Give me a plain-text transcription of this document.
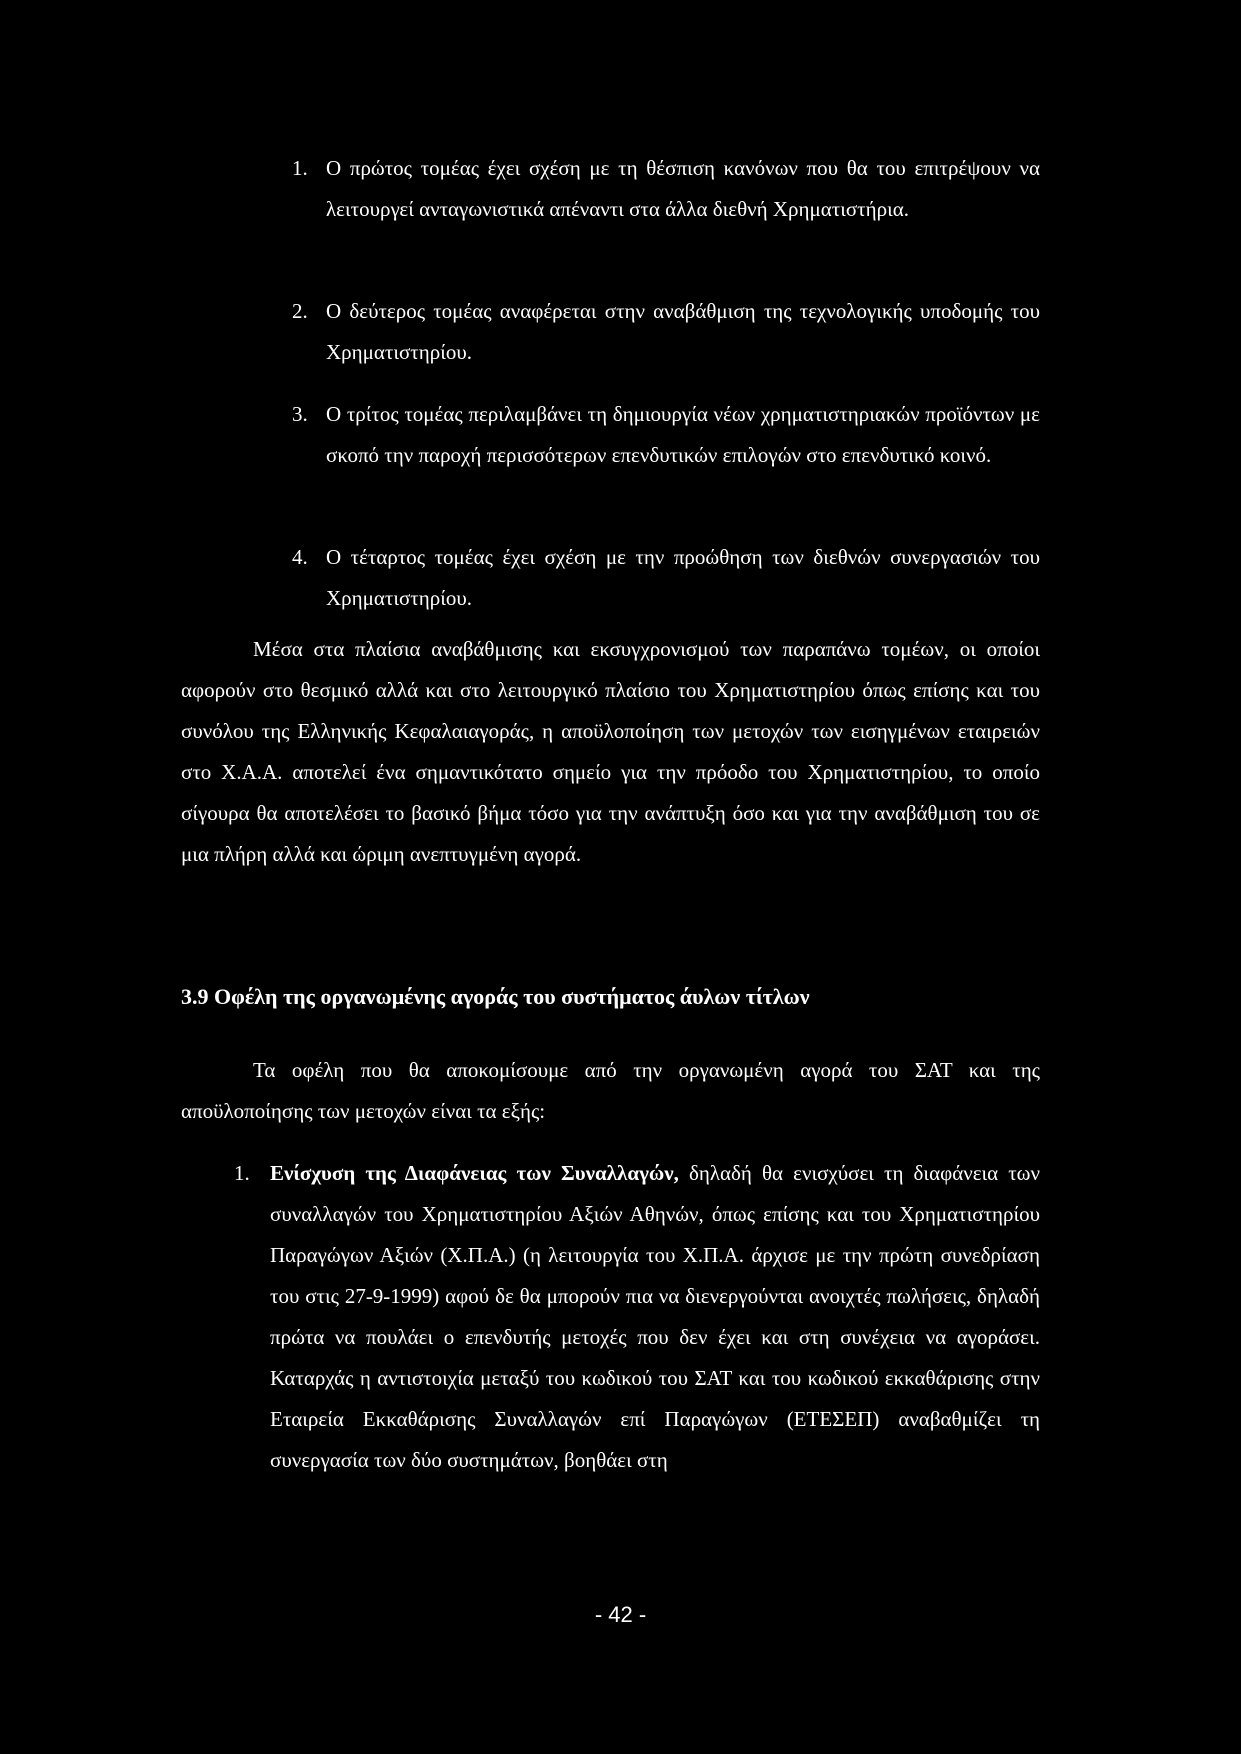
1. Ο πρώτος τομέας έχει σχέση με τη θέσπιση κανόνων που θα του επιτρέψουν να λειτουργεί ανταγωνιστικά απέναντι στα άλλα διεθνή Χρηματιστήρια.
2. Ο δεύτερος τομέας αναφέρεται στην αναβάθμιση της τεχνολογικής υποδομής του Χρηματιστηρίου.
3. Ο τρίτος τομέας περιλαμβάνει τη δημιουργία νέων χρηματιστηριακών προϊόντων με σκοπό την παροχή περισσότερων επενδυτικών επιλογών στο επενδυτικό κοινό.
4. Ο τέταρτος τομέας έχει σχέση με την προώθηση των διεθνών συνεργασιών του Χρηματιστηρίου.
Μέσα στα πλαίσια αναβάθμισης και εκσυγχρονισμού των παραπάνω τομέων, οι οποίοι αφορούν στο θεσμικό αλλά και στο λειτουργικό πλαίσιο του Χρηματιστηρίου όπως επίσης και του συνόλου της Ελληνικής Κεφαλαιαγοράς, η αποϋλοποίηση των μετοχών των εισηγμένων εταιρειών στο Χ.Α.Α. αποτελεί ένα σημαντικότατο σημείο για την πρόοδο του Χρηματιστηρίου, το οποίο σίγουρα θα αποτελέσει το βασικό βήμα τόσο για την ανάπτυξη όσο και για την αναβάθμιση του σε μια πλήρη αλλά και ώριμη ανεπτυγμένη αγορά.
3.9 Οφέλη της οργανωμένης αγοράς του συστήματος άυλων τίτλων
Τα οφέλη που θα αποκομίσουμε από την οργανωμένη αγορά του ΣΑΤ και της αποϋλοποίησης των μετοχών είναι τα εξής:
1. Ενίσχυση της Διαφάνειας των Συναλλαγών, δηλαδή θα ενισχύσει τη διαφάνεια των συναλλαγών του Χρηματιστηρίου Αξιών Αθηνών, όπως επίσης και του Χρηματιστηρίου Παραγώγων Αξιών (Χ.Π.Α.) (η λειτουργία του Χ.Π.Α. άρχισε με την πρώτη συνεδρίαση του στις 27-9-1999) αφού δε θα μπορούν πια να διενεργούνται ανοιχτές πωλήσεις, δηλαδή πρώτα να πουλάει ο επενδυτής μετοχές που δεν έχει και στη συνέχεια να αγοράσει. Καταρχάς η αντιστοιχία μεταξύ του κωδικού του ΣΑΤ και του κωδικού εκκαθάρισης στην Εταιρεία Εκκαθάρισης Συναλλαγών επί Παραγώγων (ΕΤΕΣΕΠ) αναβαθμίζει τη συνεργασία των δύο συστημάτων, βοηθάει στη
- 42 -
